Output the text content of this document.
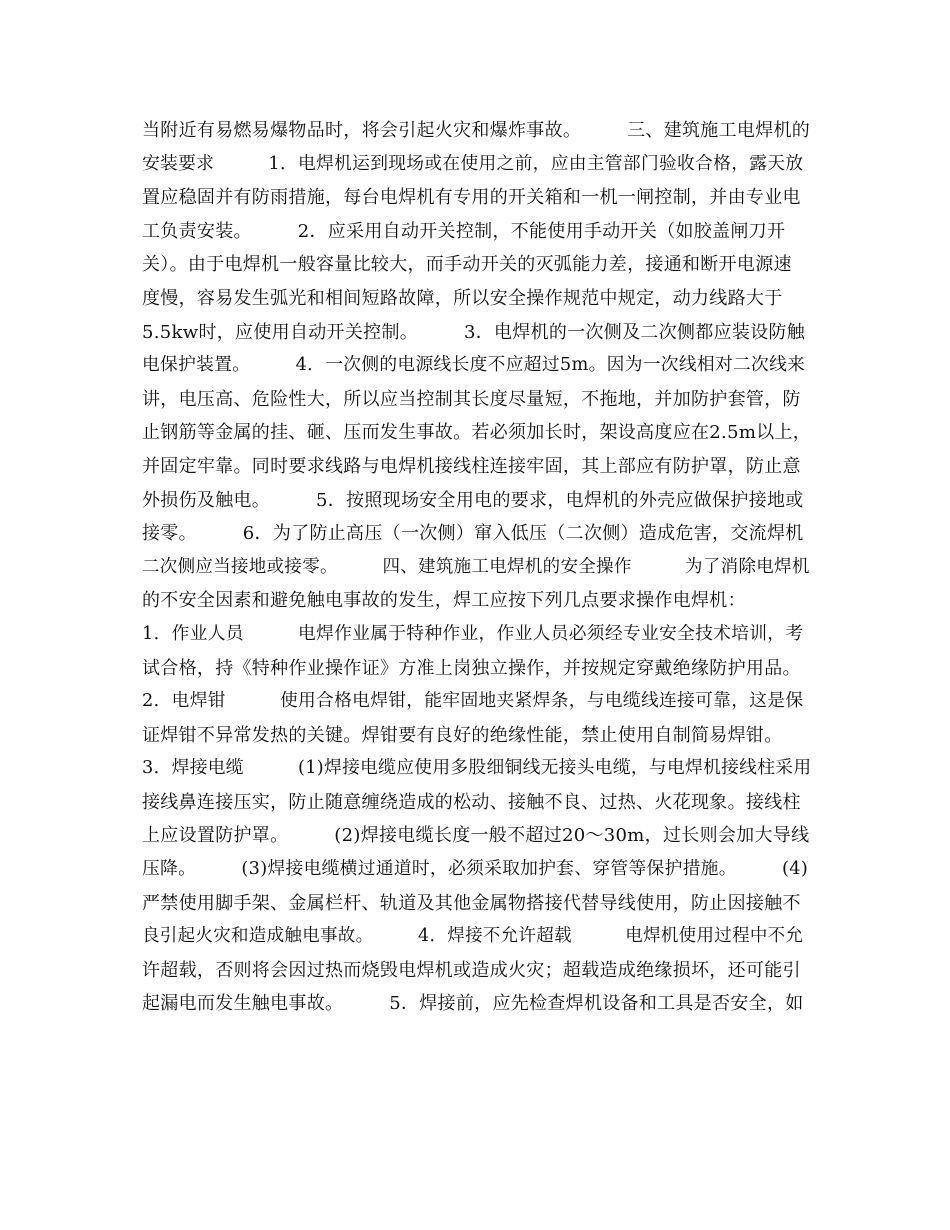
当附近有易燃易爆物品时，将会引起火灾和爆炸事故。　　　三、建筑施工电焊机的
安装要求　　　1．电焊机运到现场或在使用之前，应由主管部门验收合格，露天放
置应稳固并有防雨措施，每台电焊机有专用的开关箱和一机一闸控制，并由专业电
工负责安装。　　　2．应采用自动开关控制，不能使用手动开关（如胶盖闸刀开
关）。由于电焊机一般容量比较大，而手动开关的灭弧能力差，接通和断开电源速
度慢，容易发生弧光和相间短路故障，所以安全操作规范中规定，动力线路大于
5.5kw时，应使用自动开关控制。　　　3．电焊机的一次侧及二次侧都应装设防触
电保护装置。　　　4．一次侧的电源线长度不应超过5m。因为一次线相对二次线来
讲，电压高、危险性大，所以应当控制其长度尽量短，不拖地，并加防护套管，防
止钢筋等金属的挂、砸、压而发生事故。若必须加长时，架设高度应在2.5m以上，
并固定牢靠。同时要求线路与电焊机接线柱连接牢固，其上部应有防护罩，防止意
外损伤及触电。　　　5．按照现场安全用电的要求，电焊机的外壳应做保护接地或
接零。　　　6．为了防止高压（一次侧）窜入低压（二次侧）造成危害，交流焊机
二次侧应当接地或接零。　　　四、建筑施工电焊机的安全操作　　　为了消除电焊机
的不安全因素和避免触电事故的发生，焊工应按下列几点要求操作电焊机：
1．作业人员　　　电焊作业属于特种作业，作业人员必须经专业安全技术培训，考
试合格，持《特种作业操作证》方准上岗独立操作，并按规定穿戴绝缘防护用品。
2．电焊钳　　　使用合格电焊钳，能牢固地夹紧焊条，与电缆线连接可靠，这是保
证焊钳不异常发热的关键。焊钳要有良好的绝缘性能，禁止使用自制简易焊钳。
3．焊接电缆　　　(1)焊接电缆应使用多股细铜线无接头电缆，与电焊机接线柱采用
接线鼻连接压实，防止随意缠绕造成的松动、接触不良、过热、火花现象。接线柱
上应设置防护罩。　　　(2)焊接电缆长度一般不超过20～30m，过长则会加大导线
压降。　　　(3)焊接电缆横过通道时，必须采取加护套、穿管等保护措施。　　　(4)
严禁使用脚手架、金属栏杆、轨道及其他金属物搭接代替导线使用，防止因接触不
良引起火灾和造成触电事故。　　　4．焊接不允许超载　　　电焊机使用过程中不允
许超载，否则将会因过热而烧毁电焊机或造成火灾；超载造成绝缘损坏，还可能引
起漏电而发生触电事故。　　　5．焊接前，应先检查焊机设备和工具是否安全，如
